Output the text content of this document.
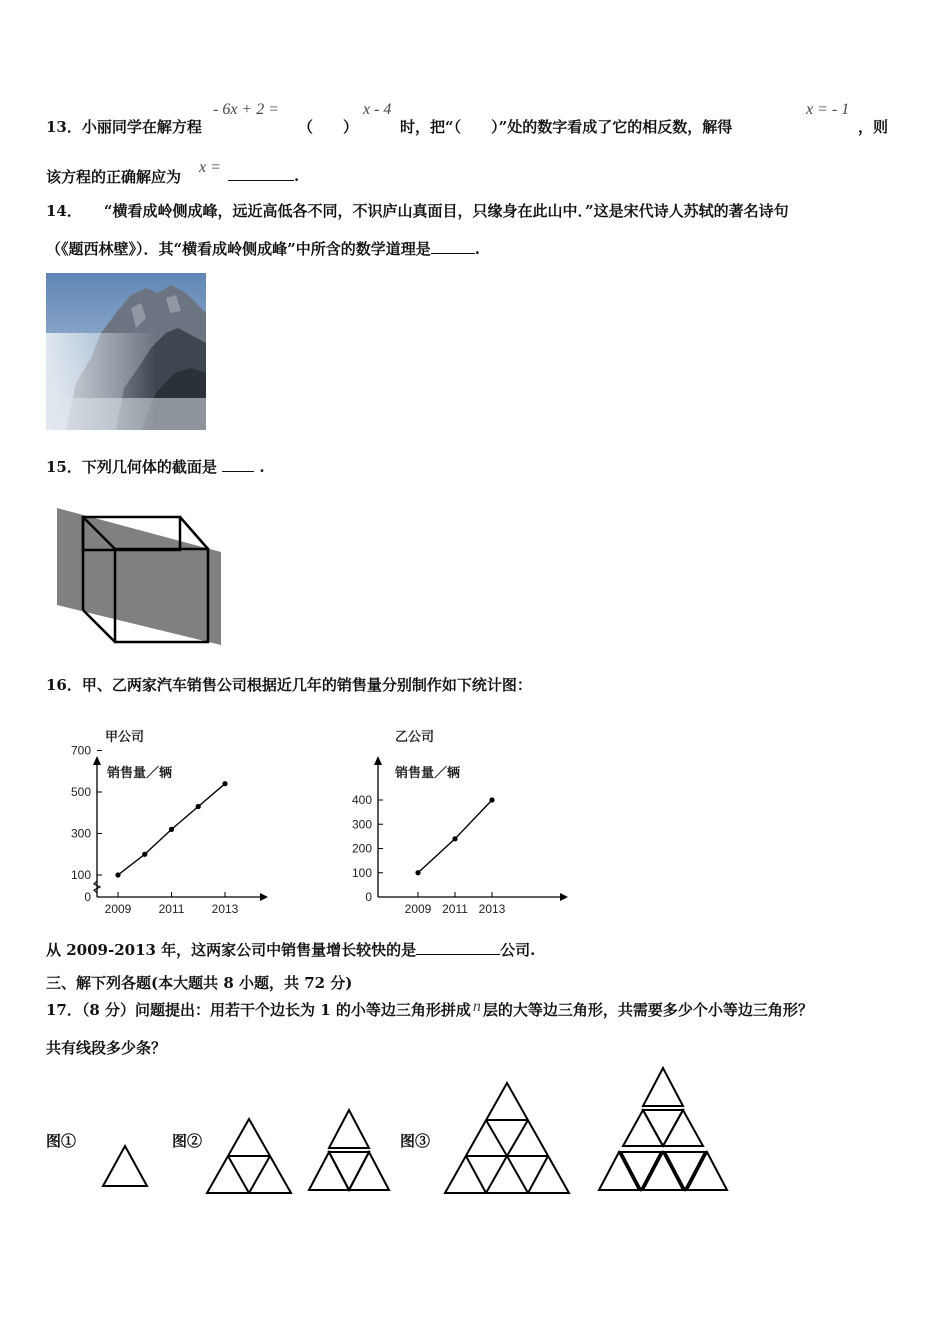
13．小丽同学在解方程
- 6x + 2 =
（　　）
x - 4
时，把“（　　）”处的数字看成了它的相反数，解得
x = - 1
，则
该方程的正确解应为
x =	.
14． “横看成岭侧成峰，远近高低各不同，不识庐山真面目，只缘身在此山中．”这是宋代诗人苏轼的著名诗句
（《题西林壁》）．其“横看成岭侧成峰”中所含的数学道理是	.
15．下列几何体的截面是	.
16．甲、乙两家汽车销售公司根据近几年的销售量分别制作如下统计图：
甲公司
销售量／辆
0
100
300
500
700
2009 2011 2013
乙公司
销售量／辆
0
100
200
300
400
2009 2011 2013
从 2009-2013 年，这两家公司中销售量增长较快的是	公司.
三、解下列各题(本大题共 8 小题，共 72 分)
17．（8 分）问题提出：用若干个边长为 1 的小等边三角形拼成 n 层的大等边三角形，共需要多少个小等边三角形？
共有线段多少条？
图①	图②	图③
